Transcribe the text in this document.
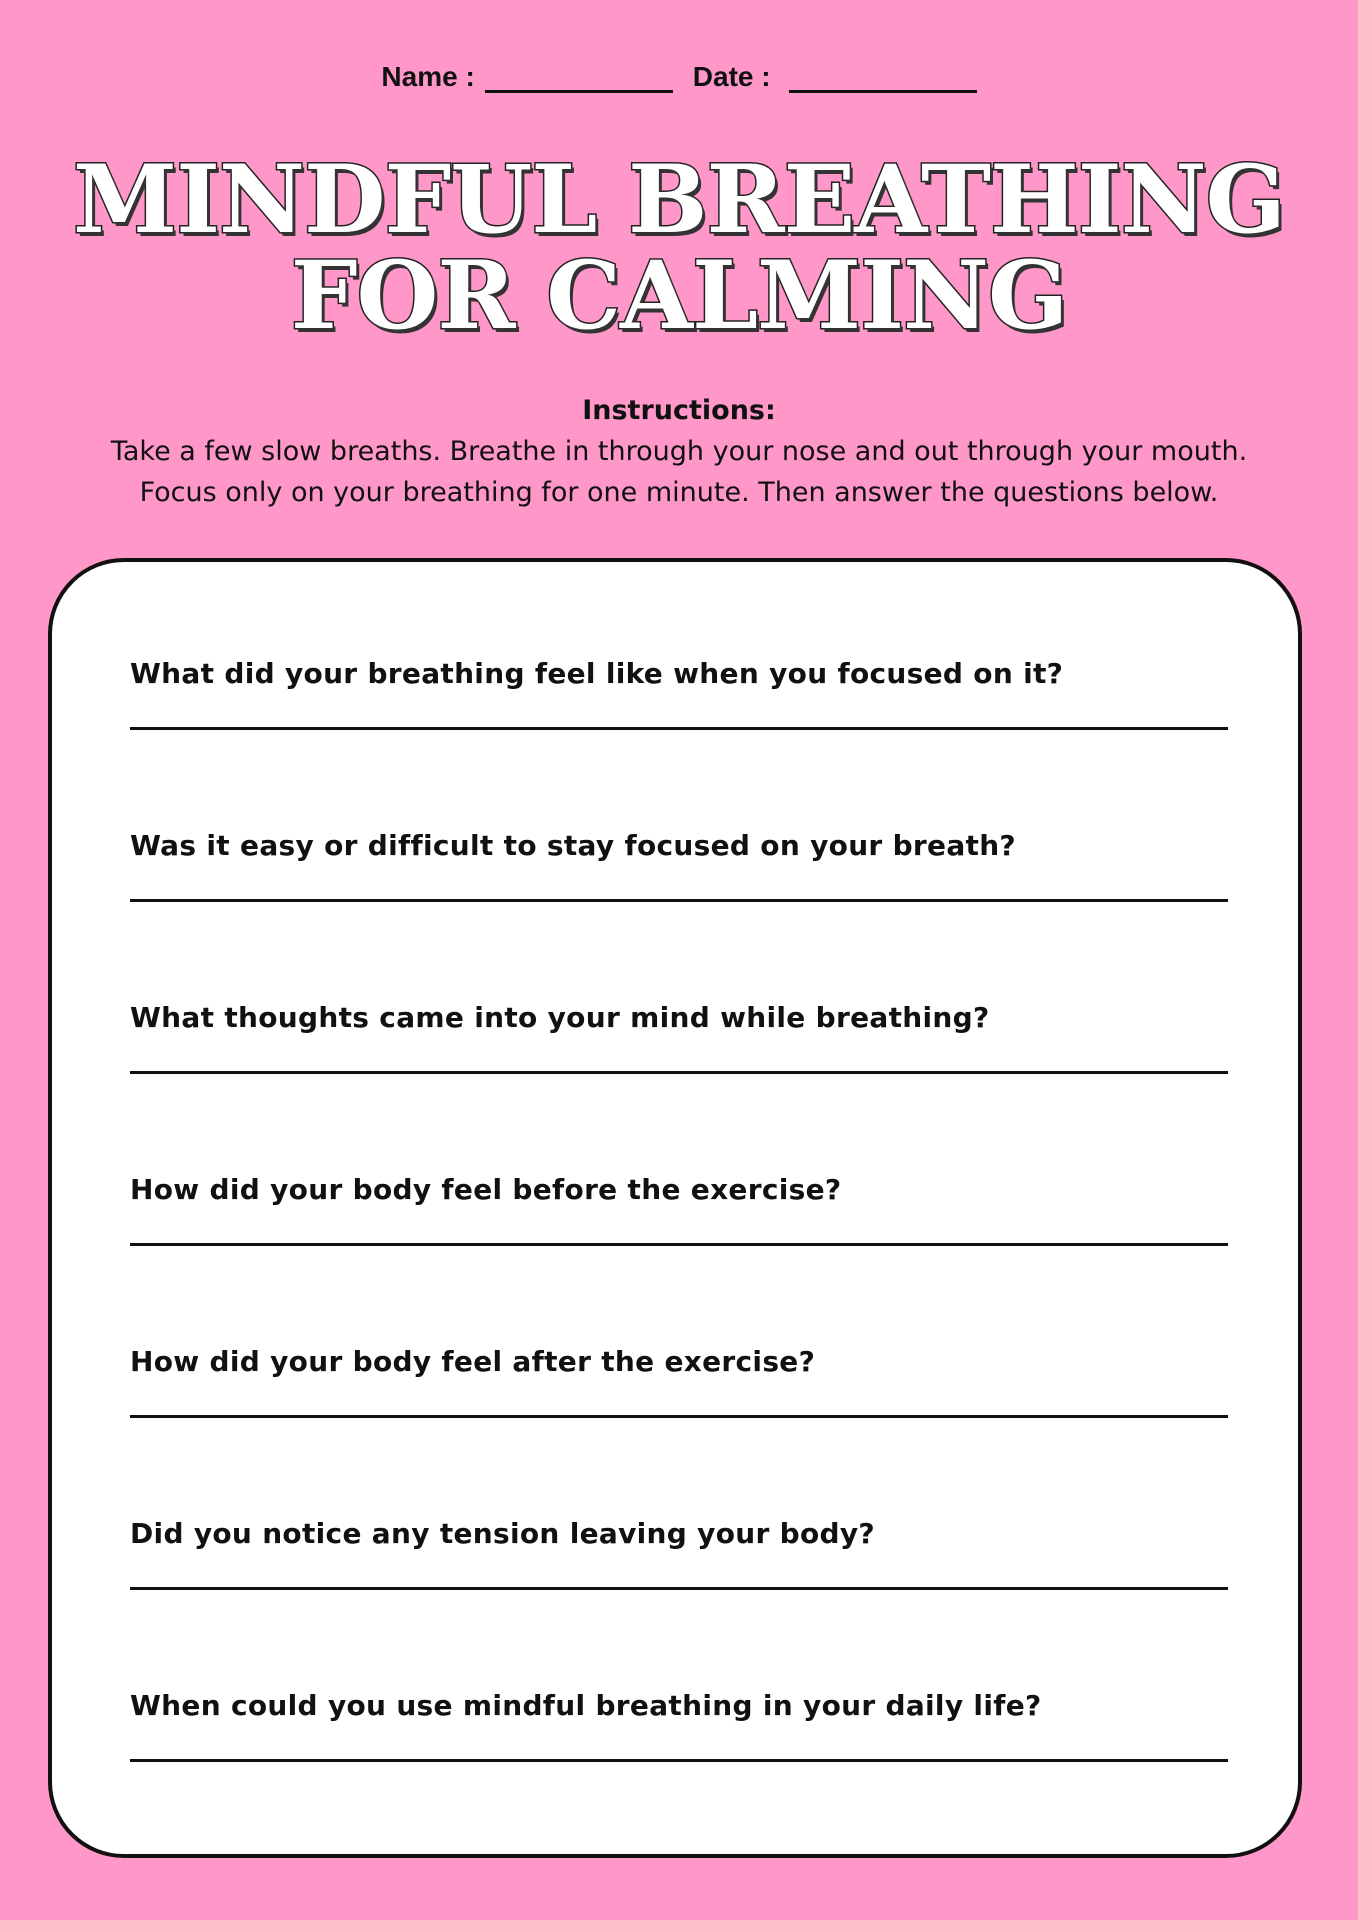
Name :	Date :
MINDFUL BREATHING
FOR CALMING
Instructions:
Take a few slow breaths. Breathe in through your nose and out through your mouth.
Focus only on your breathing for one minute. Then answer the questions below.
What did your breathing feel like when you focused on it?
Was it easy or difficult to stay focused on your breath?
What thoughts came into your mind while breathing?
How did your body feel before the exercise?
How did your body feel after the exercise?
Did you notice any tension leaving your body?
When could you use mindful breathing in your daily life?
